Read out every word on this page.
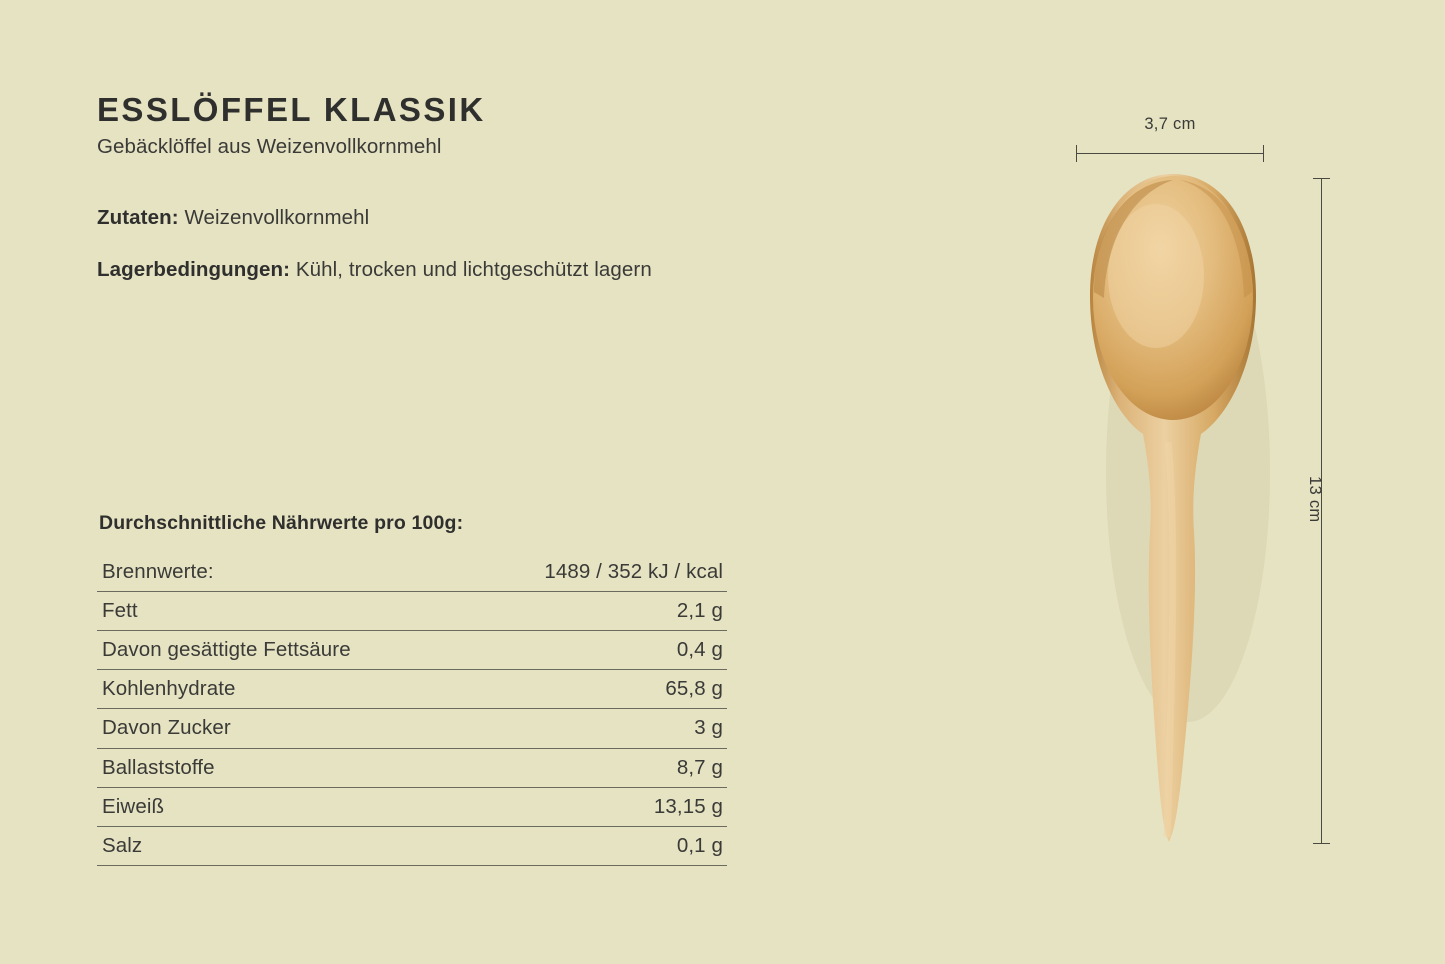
ESSLÖFFEL KLASSIK

Gebäcklöffel aus Weizenvollkornmehl

Zutaten: Weizenvollkornmehl
Lagerbedingungen: Kühl, trocken und lichtgeschützt lagern
Durchschnittliche Nährwerte pro 100g:
Brennwerte:	1489 / 352 kJ / kcal
Fett	2,1 g
Davon gesättigte Fettsäure	0,4 g
Kohlenhydrate	65,8 g
Davon Zucker	3 g
Ballaststoffe	8,7 g
Eiweiß	13,15 g
Salz	0,1 g
3,7 cm
13 cm
